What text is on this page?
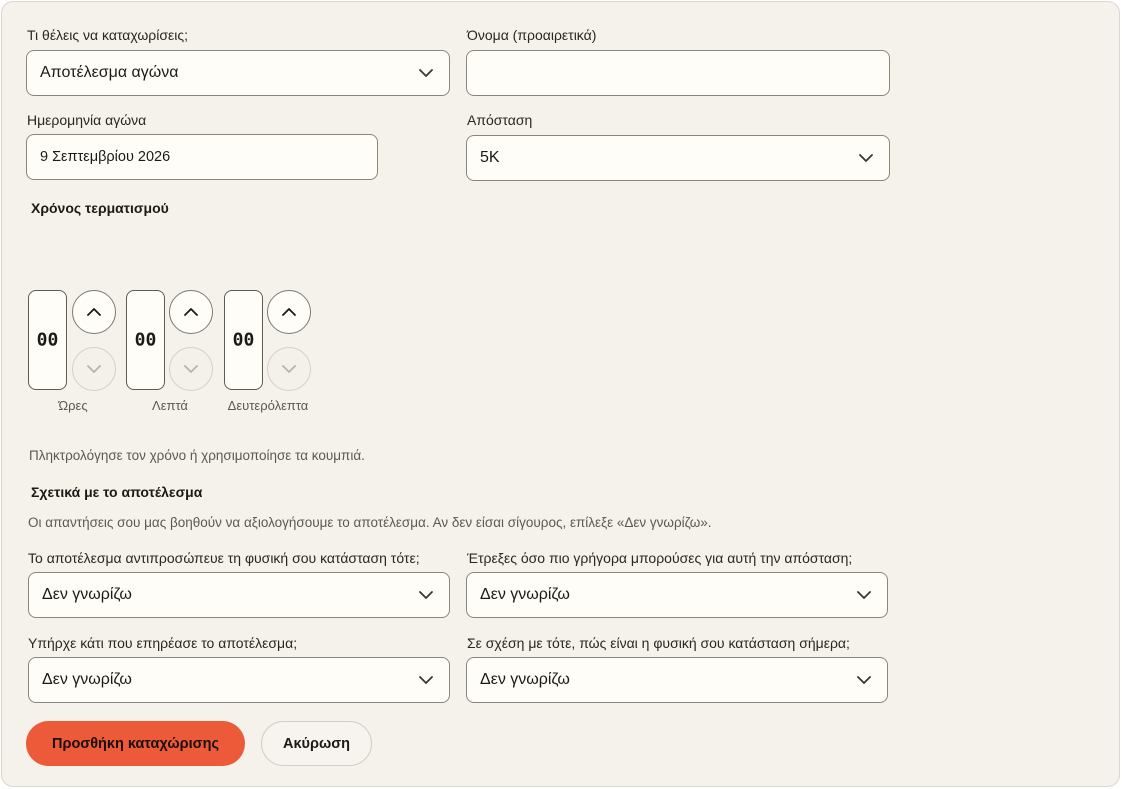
Τι θέλεις να καταχωρίσεις;
Αποτέλεσμα αγώνα
Όνομα (προαιρετικά)
Ημερομηνία αγώνα
9 Σεπτεμβρίου 2026
Απόσταση
5K
Χρόνος τερματισμού
00
Ώρες
00
Λεπτά
00
Δευτερόλεπτα
Πληκτρολόγησε τον χρόνο ή χρησιμοποίησε τα κουμπιά.
Σχετικά με το αποτέλεσμα
Οι απαντήσεις σου μας βοηθούν να αξιολογήσουμε το αποτέλεσμα. Αν δεν είσαι σίγουρος, επίλεξε «Δεν γνωρίζω».
Το αποτέλεσμα αντιπροσώπευε τη φυσική σου κατάσταση τότε;
Δεν γνωρίζω
Έτρεξες όσο πιο γρήγορα μπορούσες για αυτή την απόσταση;
Δεν γνωρίζω
Υπήρχε κάτι που επηρέασε το αποτέλεσμα;
Δεν γνωρίζω
Σε σχέση με τότε, πώς είναι η φυσική σου κατάσταση σήμερα;
Δεν γνωρίζω
Προσθήκη καταχώρισης	Ακύρωση
